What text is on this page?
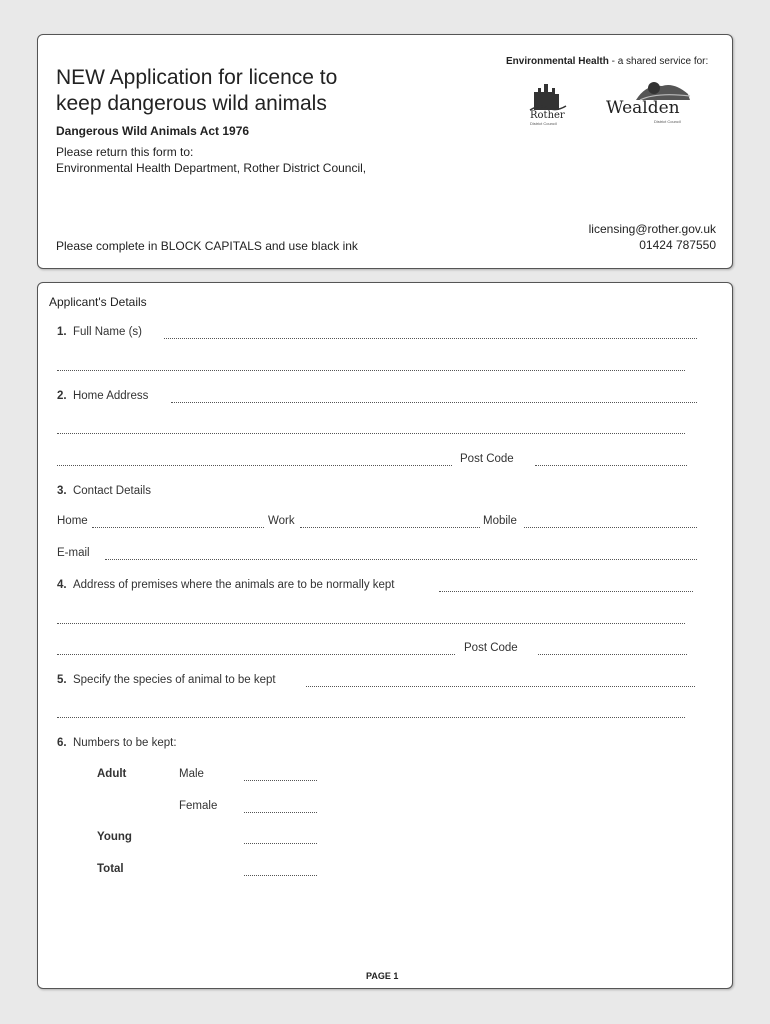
NEW Application for licence to
keep dangerous wild animals
Dangerous Wild Animals Act 1976
Please return this form to:
Environmental Health Department, Rother District Council,
Please complete in BLOCK CAPITALS and use black ink
Environmental Health - a shared service for:
Rother
District Council
Wealden
District Council
licensing@rother.gov.uk
01424 787550
Applicant's Details
1. Full Name (s)
2. Home Address
Post Code
3. Contact Details
Home	Work	Mobile
E-mail
4. Address of premises where the animals are to be normally kept
Post Code
5. Specify the species of animal to be kept
6. Numbers to be kept:
Adult	Male
Female
Young
Total
PAGE 1
